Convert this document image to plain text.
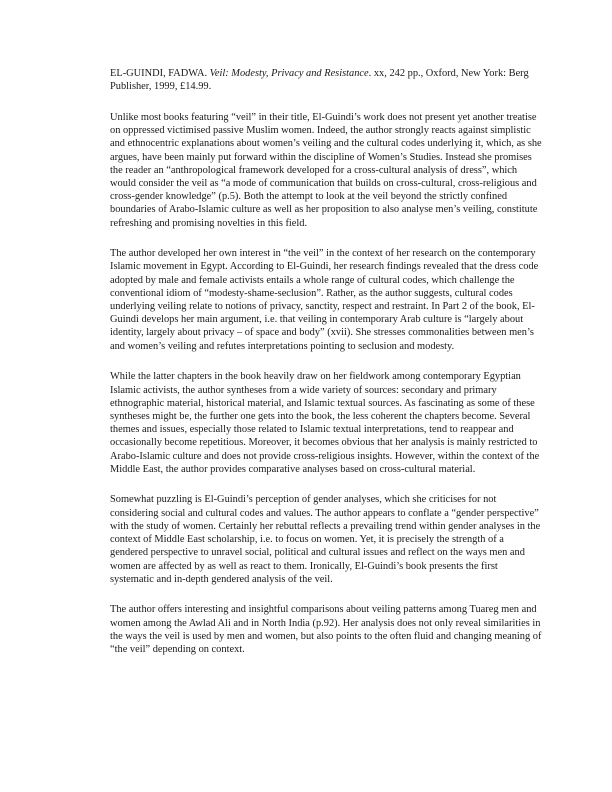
EL-GUINDI, FADWA. Veil: Modesty, Privacy and Resistance. xx, 242 pp., Oxford, New York: Berg Publisher, 1999, £14.99.

Unlike most books featuring “veil” in their title, El-Guindi’s work does not present yet another treatise on oppressed victimised passive Muslim women. Indeed, the author strongly reacts against simplistic and ethnocentric explanations about women’s veiling and the cultural codes underlying it, which, as she argues, have been mainly put forward within the discipline of Women’s Studies. Instead she promises the reader an “anthropological framework developed for a cross-cultural analysis of dress”, which would consider the veil as “a mode of communication that builds on cross-cultural, cross-religious and cross-gender knowledge” (p.5). Both the attempt to look at the veil beyond the strictly confined boundaries of Arabo-Islamic culture as well as her proposition to also analyse men’s veiling, constitute refreshing and promising novelties in this field.

The author developed her own interest in “the veil” in the context of her research on the contemporary Islamic movement in Egypt. According to El-Guindi, her research findings revealed that the dress code adopted by male and female activists entails a whole range of cultural codes, which challenge the conventional idiom of “modesty-shame-seclusion”. Rather, as the author suggests, cultural codes underlying veiling relate to notions of privacy, sanctity, respect and restraint. In Part 2 of the book, El-Guindi develops her main argument, i.e. that veiling in contemporary Arab culture is “largely about identity, largely about privacy – of space and body” (xvii). She stresses commonalities between men’s and women’s veiling and refutes interpretations pointing to seclusion and modesty.

While the latter chapters in the book heavily draw on her fieldwork among contemporary Egyptian Islamic activists, the author syntheses from a wide variety of sources: secondary and primary ethnographic material, historical material, and Islamic textual sources. As fascinating as some of these syntheses might be, the further one gets into the book, the less coherent the chapters become. Several themes and issues, especially those related to Islamic textual interpretations, tend to reappear and occasionally become repetitious. Moreover, it becomes obvious that her analysis is mainly restricted to Arabo-Islamic culture and does not provide cross-religious insights. However, within the context of the Middle East, the author provides comparative analyses based on cross-cultural material.

Somewhat puzzling is El-Guindi’s perception of gender analyses, which she criticises for not considering social and cultural codes and values. The author appears to conflate a “gender perspective” with the study of women. Certainly her rebuttal reflects a prevailing trend within gender analyses in the context of Middle East scholarship, i.e. to focus on women. Yet, it is precisely the strength of a gendered perspective to unravel social, political and cultural issues and reflect on the ways men and women are affected by as well as react to them. Ironically, El-Guindi’s book presents the first systematic and in-depth gendered analysis of the veil.

The author offers interesting and insightful comparisons about veiling patterns among Tuareg men and women among the Awlad Ali and in North India (p.92). Her analysis does not only reveal similarities in the ways the veil is used by men and women, but also points to the often fluid and changing meaning of “the veil” depending on context.
